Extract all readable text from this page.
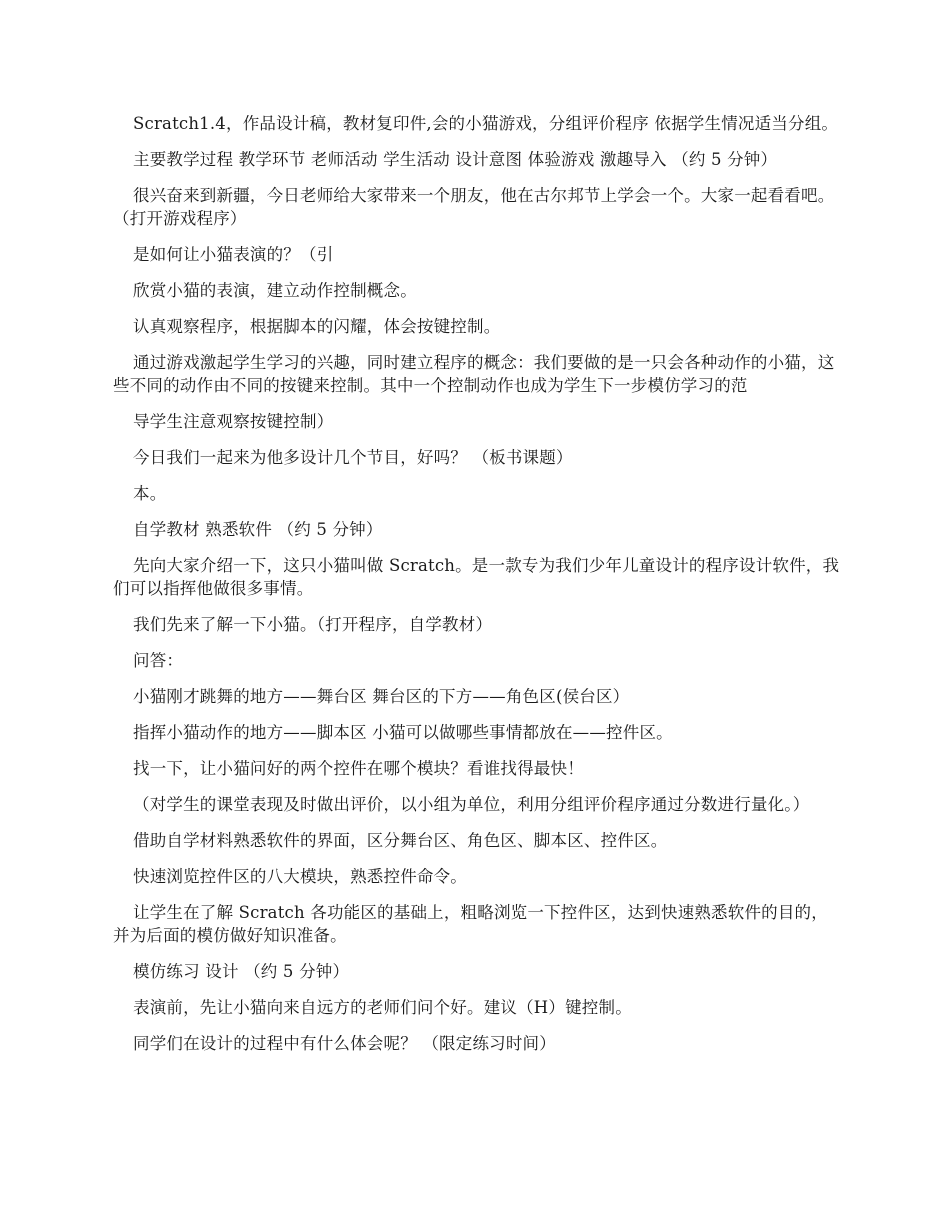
Scratch1.4，作品设计稿，教材复印件,会的小猫游戏，分组评价程序 依据学生情况适当分组。

主要教学过程 教学环节 老师活动 学生活动 设计意图 体验游戏 激趣导入 （约 5 分钟）

很兴奋来到新疆，今日老师给大家带来一个朋友，他在古尔邦节上学会一个。大家一起看看吧。（打开游戏程序）

是如何让小猫表演的？（引

欣赏小猫的表演，建立动作控制概念。

认真观察程序，根据脚本的闪耀，体会按键控制。

通过游戏激起学生学习的兴趣，同时建立程序的概念：我们要做的是一只会各种动作的小猫，这些不同的动作由不同的按键来控制。其中一个控制动作也成为学生下一步模仿学习的范

导学生注意观察按键控制）

今日我们一起来为他多设计几个节目，好吗？ （板书课题）

本。

自学教材 熟悉软件 （约 5 分钟）

先向大家介绍一下，这只小猫叫做 Scratch。是一款专为我们少年儿童设计的程序设计软件，我们可以指挥他做很多事情。

我们先来了解一下小猫。（打开程序，自学教材）

问答：

小猫刚才跳舞的地方——舞台区 舞台区的下方——角色区(侯台区）

指挥小猫动作的地方——脚本区 小猫可以做哪些事情都放在——控件区。

找一下，让小猫问好的两个控件在哪个模块？看谁找得最快！

（对学生的课堂表现及时做出评价，以小组为单位，利用分组评价程序通过分数进行量化。）

借助自学材料熟悉软件的界面，区分舞台区、角色区、脚本区、控件区。

快速浏览控件区的八大模块，熟悉控件命令。

让学生在了解 Scratch 各功能区的基础上，粗略浏览一下控件区，达到快速熟悉软件的目的，并为后面的模仿做好知识准备。

模仿练习 设计 （约 5 分钟）

表演前，先让小猫向来自远方的老师们问个好。建议（H）键控制。

同学们在设计的过程中有什么体会呢？ （限定练习时间）
